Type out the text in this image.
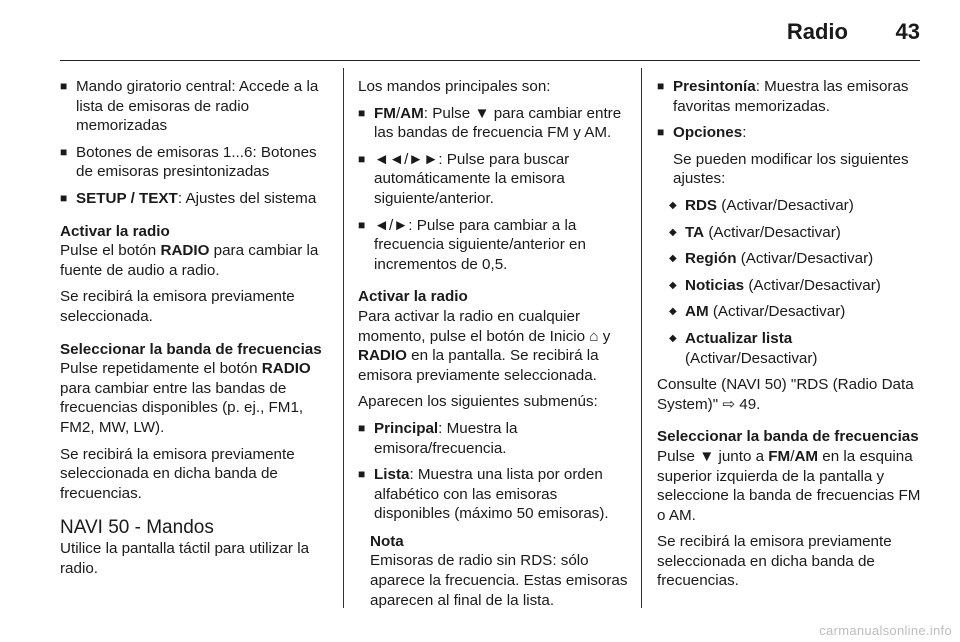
Radio 43
■ Mando giratorio central: Accede a la lista de emisoras de radio memorizadas
■ Botones de emisoras 1...6: Botones de emisoras presintonizadas
■ SETUP / TEXT: Ajustes del sistema
Activar la radio
Pulse el botón RADIO para cambiar la fuente de audio a radio.
Se recibirá la emisora previamente seleccionada.
Seleccionar la banda de frecuencias
Pulse repetidamente el botón RADIO para cambiar entre las bandas de frecuencias disponibles (p. ej., FM1, FM2, MW, LW).
Se recibirá la emisora previamente seleccionada en dicha banda de frecuencias.
NAVI 50 - Mandos
Utilice la pantalla táctil para utilizar la radio.
Los mandos principales son:
■ FM/AM: Pulse ▼ para cambiar entre las bandas de frecuencia FM y AM.
■ ◄◄/►►: Pulse para buscar automáticamente la emisora siguiente/anterior.
■ ◄/►: Pulse para cambiar a la frecuencia siguiente/anterior en incrementos de 0,5.
Activar la radio
Para activar la radio en cualquier momento, pulse el botón de Inicio ⌂ y RADIO en la pantalla. Se recibirá la emisora previamente seleccionada.
Aparecen los siguientes submenús:
■ Principal: Muestra la emisora/frecuencia.
■ Lista: Muestra una lista por orden alfabético con las emisoras disponibles (máximo 50 emisoras).
Nota
Emisoras de radio sin RDS: sólo aparece la frecuencia. Estas emisoras aparecen al final de la lista.
■ Presintonía: Muestra las emisoras favoritas memorizadas.
■ Opciones:
Se pueden modificar los siguientes ajustes:
◆ RDS (Activar/Desactivar)
◆ TA (Activar/Desactivar)
◆ Región (Activar/Desactivar)
◆ Noticias (Activar/Desactivar)
◆ AM (Activar/Desactivar)
◆ Actualizar lista (Activar/Desactivar)
Consulte (NAVI 50) "RDS (Radio Data System)" ⇨ 49.
Seleccionar la banda de frecuencias
Pulse ▼ junto a FM/AM en la esquina superior izquierda de la pantalla y seleccione la banda de frecuencias FM o AM.
Se recibirá la emisora previamente seleccionada en dicha banda de frecuencias.
carmanualsonline.info
